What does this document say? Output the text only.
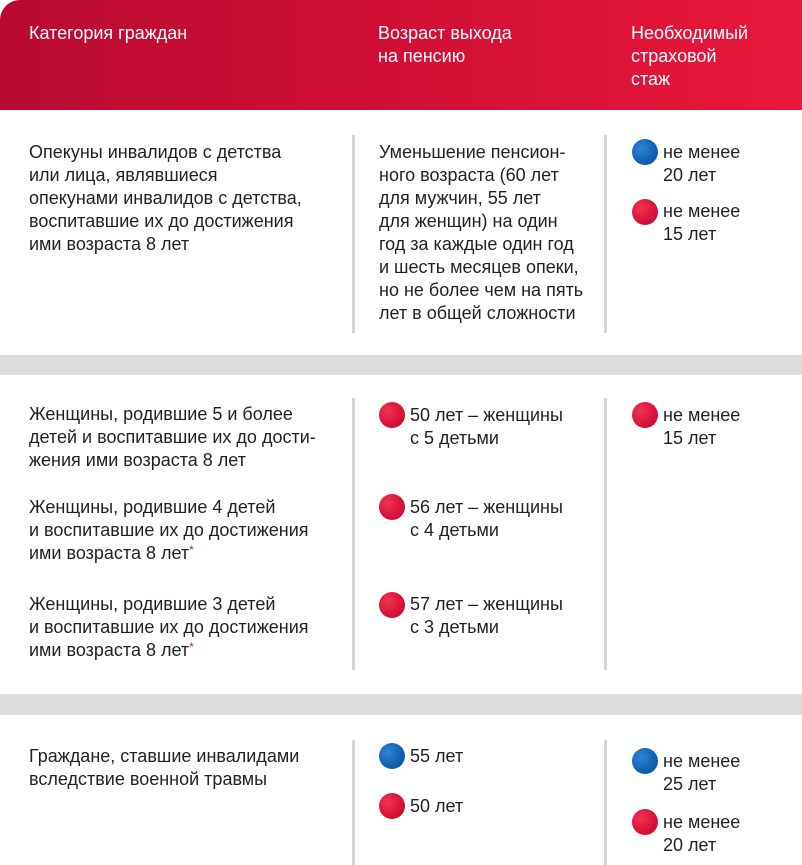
Категория граждан	Возраст выхода
на пенсию
Необходимый
страховой
стаж
Опекуны инвалидов с детства
или лица, являвшиеся
опекунами инвалидов с детства,
воспитавшие их до достижения
ими возраста 8 лет
Уменьшение пенсион-
ного возраста (60 лет
для мужчин, 55 лет
для женщин) на один
год за каждые один год
и шесть месяцев опеки,
но не более чем на пять
лет в общей сложности
не менее
20 лет
не менее
15 лет
Женщины, родившие 5 и более
детей и воспитавшие их до дости-
жения ими возраста 8 лет
Женщины, родившие 4 детей
и воспитавшие их до достижения
ими возраста 8 лет*
Женщины, родившие 3 детей
и воспитавшие их до достижения
ими возраста 8 лет*
50 лет – женщины
с 5 детьми
56 лет – женщины
с 4 детьми
57 лет – женщины
с 3 детьми
не менее
15 лет
Граждане, ставшие инвалидами
вследствие военной травмы
55 лет
50 лет
не менее
25 лет
не менее
20 лет
